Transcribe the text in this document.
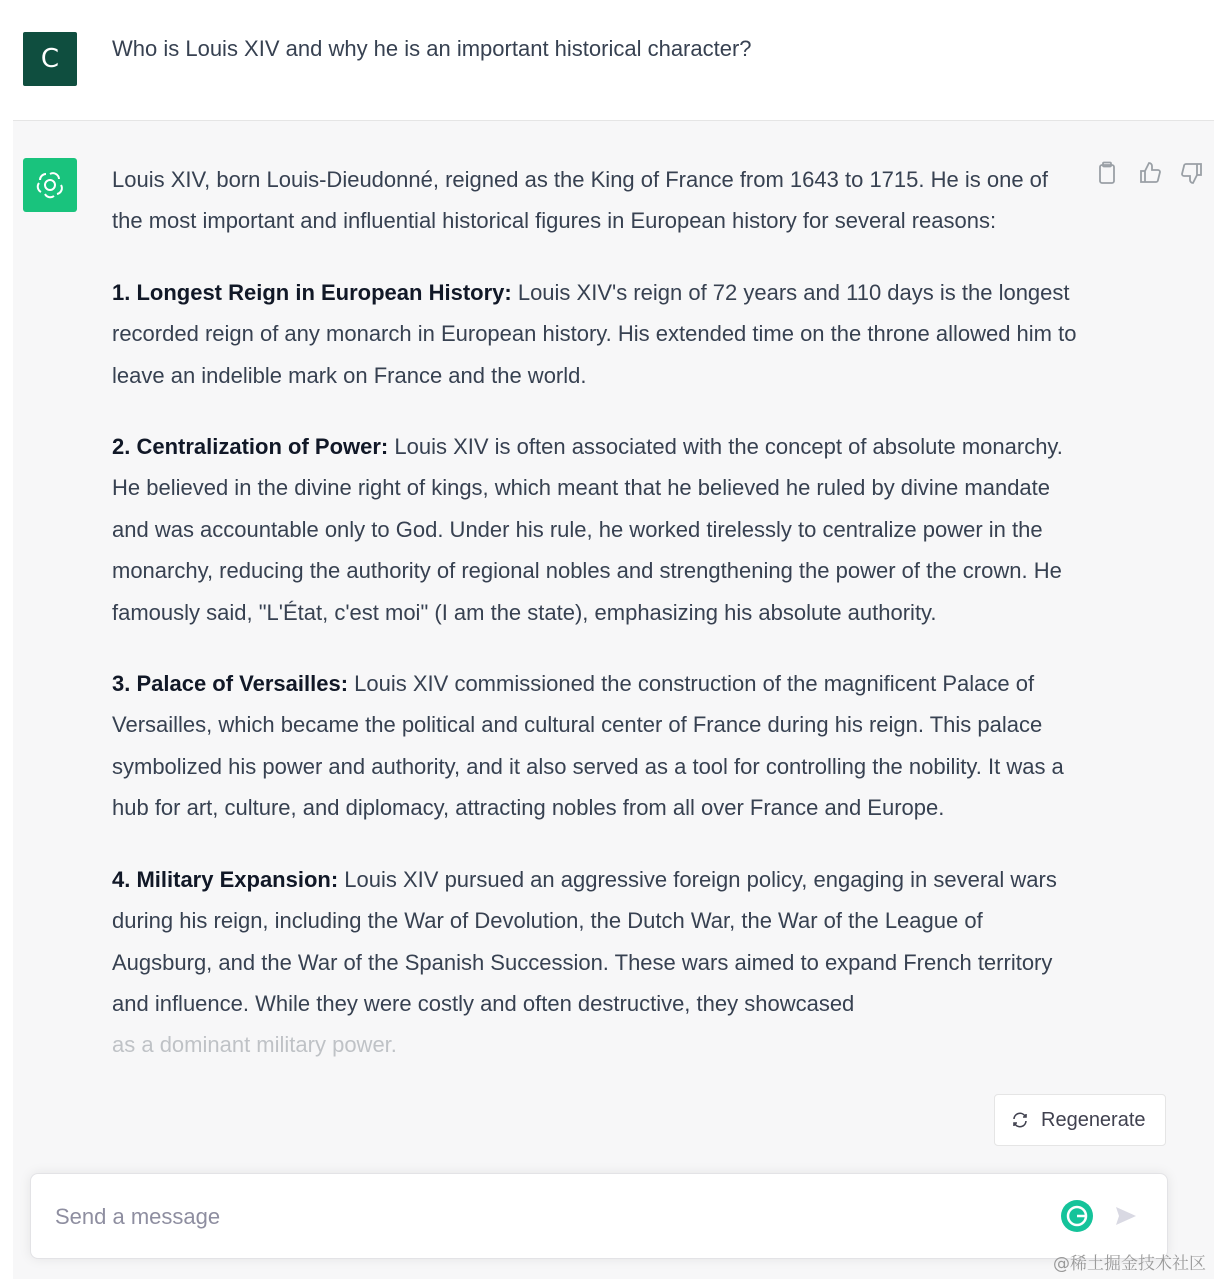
C	Who is Louis XIV and why he is an important historical character?

Louis XIV, born Louis-Dieudonné, reigned as the King of France from 1643 to 1715. He is one of the most important and influential historical figures in European history for several reasons:

1. Longest Reign in European History: Louis XIV's reign of 72 years and 110 days is the longest recorded reign of any monarch in European history. His extended time on the throne allowed him to leave an indelible mark on France and the world.

2. Centralization of Power: Louis XIV is often associated with the concept of absolute monarchy. He believed in the divine right of kings, which meant that he believed he ruled by divine mandate and was accountable only to God. Under his rule, he worked tirelessly to centralize power in the monarchy, reducing the authority of regional nobles and strengthening the power of the crown. He famously said, "L'État, c'est moi" (I am the state), emphasizing his absolute authority.

3. Palace of Versailles: Louis XIV commissioned the construction of the magnificent Palace of Versailles, which became the political and cultural center of France during his reign. This palace symbolized his power and authority, and it also served as a tool for controlling the nobility. It was a hub for art, culture, and diplomacy, attracting nobles from all over France and Europe.

4. Military Expansion: Louis XIV pursued an aggressive foreign policy, engaging in several wars during his reign, including the War of Devolution, the Dutch War, the War of the League of Augsburg, and the War of the Spanish Succession. These wars aimed to expand French territory and influence. While they were costly and often destructive, they showcased

as a dominant military power.
Regenerate
Send a message
@稀土掘金技术社区
